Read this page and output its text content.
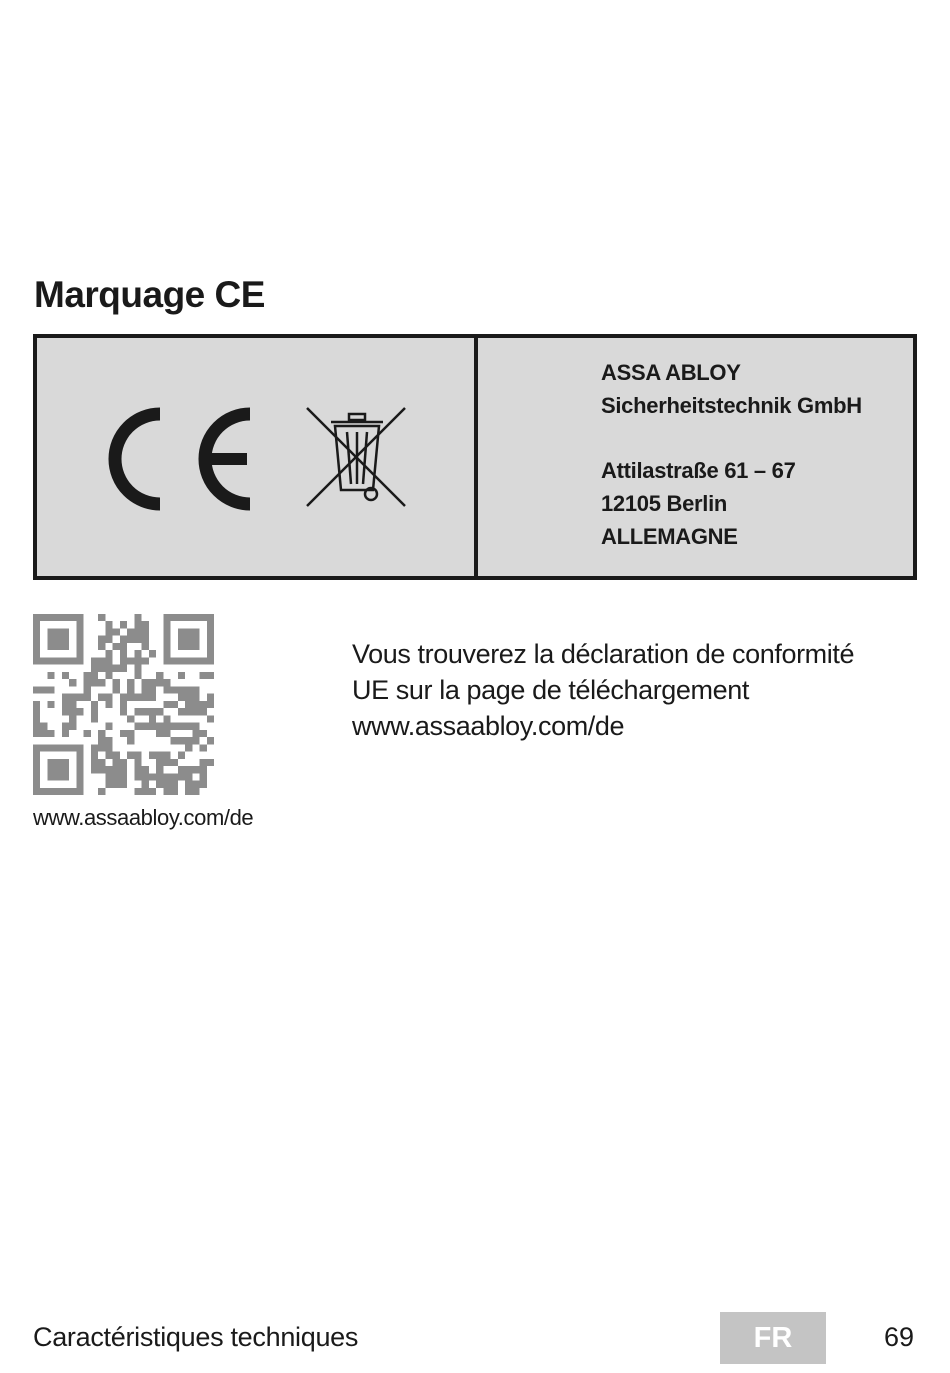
Marquage CE
ASSA ABLOY
Sicherheitstechnik GmbH
Attilastraße 61 – 67
12105 Berlin
ALLEMAGNE
www.assaabloy.com/de
Vous trouverez la déclaration de conformité
UE sur la page de téléchargement
www.assaabloy.com/de
Caractéristiques techniques	FR	69
